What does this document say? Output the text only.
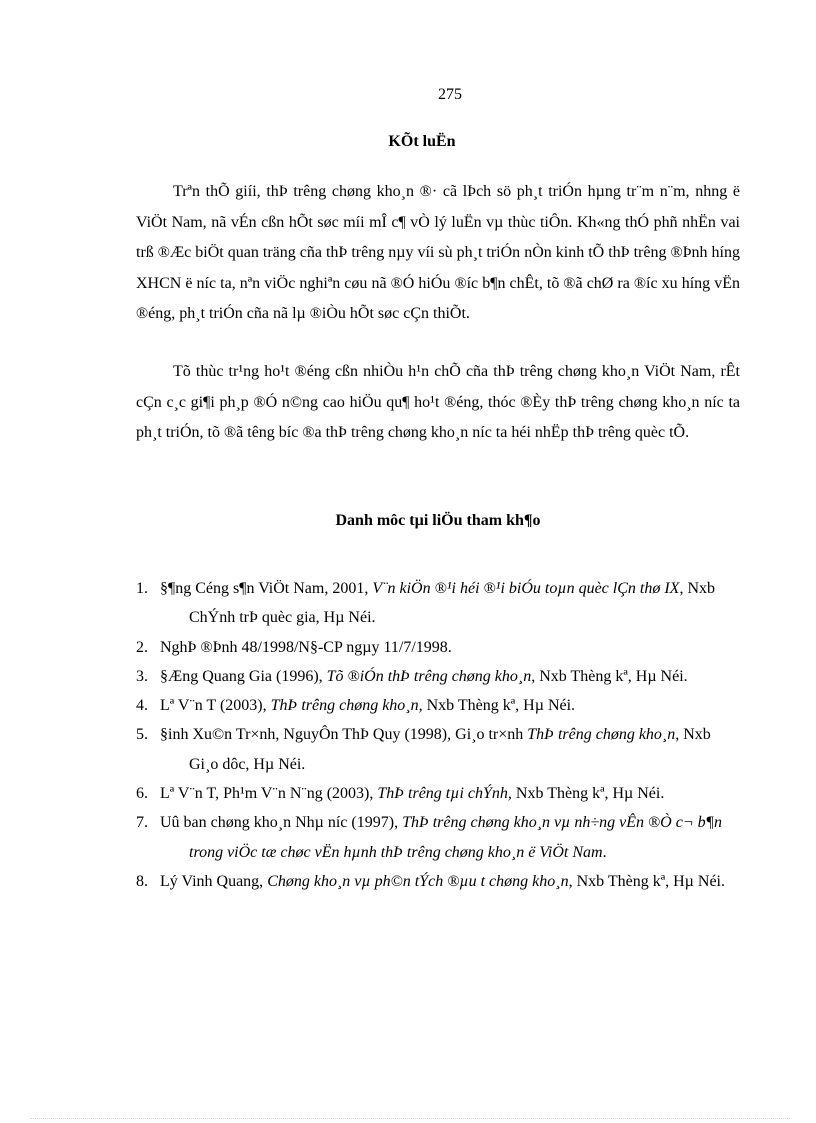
275
KÕt luËn

Trªn thÕ giíi, thÞ trêng chøng kho¸n ®· cã lÞch sö ph¸t triÓn hµng tr¨m n¨m, nhng ë ViÖt Nam, nã vÉn cßn hÕt søc míi mÎ c¶ vÒ lý luËn vµ thùc tiÔn. Kh«ng thÓ phñ nhËn vai trß ®Æc biÖt quan träng cña thÞ trêng nµy víi sù ph¸t triÓn nÒn kinh tÕ thÞ trêng ®Þnh híng XHCN ë níc ta, nªn viÖc nghiªn cøu nã ®Ó hiÓu ®íc b¶n chÊt, tõ ®ã chØ ra ®íc xu híng vËn ®éng, ph¸t triÓn cña nã lµ ®iÒu hÕt søc cÇn thiÕt.

Tõ thùc tr¹ng ho¹t ®éng cßn nhiÒu h¹n chÕ cña thÞ trêng chøng kho¸n ViÖt Nam, rÊt cÇn c¸c gi¶i ph¸p ®Ó n©ng cao hiÖu qu¶ ho¹t ®éng, thóc ®Èy thÞ trêng chøng kho¸n níc ta ph¸t triÓn, tõ ®ã têng bíc ®a thÞ trêng chøng kho¸n níc ta héi nhËp thÞ trêng quèc tÕ.

Danh môc tµi liÖu tham kh¶o
1. §¶ng Céng s¶n ViÖt Nam, 2001, V¨n kiÖn ®¹i héi ®¹i biÓu toµn quèc lÇn thø IX, Nxb ChÝnh trÞ quèc gia, Hµ Néi.
2. NghÞ ®Þnh 48/1998/N§-CP ngµy 11/7/1998.
3. §Æng Quang Gia (1996), Tõ ®iÓn thÞ trêng chøng kho¸n, Nxb Thèng kª, Hµ Néi.
4. Lª V¨n T (2003), ThÞ trêng chøng kho¸n, Nxb Thèng kª, Hµ Néi.
5. §inh Xu©n Tr×nh, NguyÔn ThÞ Quy (1998), Gi¸o tr×nh ThÞ trêng chøng kho¸n, Nxb Gi¸o dôc, Hµ Néi.
6. Lª V¨n T, Ph¹m V¨n N¨ng (2003), ThÞ trêng tµi chÝnh, Nxb Thèng kª, Hµ Néi.
7. Uû ban chøng kho¸n Nhµ níc (1997), ThÞ trêng chøng kho¸n vµ nh÷ng vÊn ®Ò c¬ b¶n trong viÖc tæ chøc vËn hµnh thÞ trêng chøng kho¸n ë ViÖt Nam.
8. Lý Vinh Quang, Chøng kho¸n vµ ph©n tÝch ®µu t chøng kho¸n, Nxb Thèng kª, Hµ Néi.
